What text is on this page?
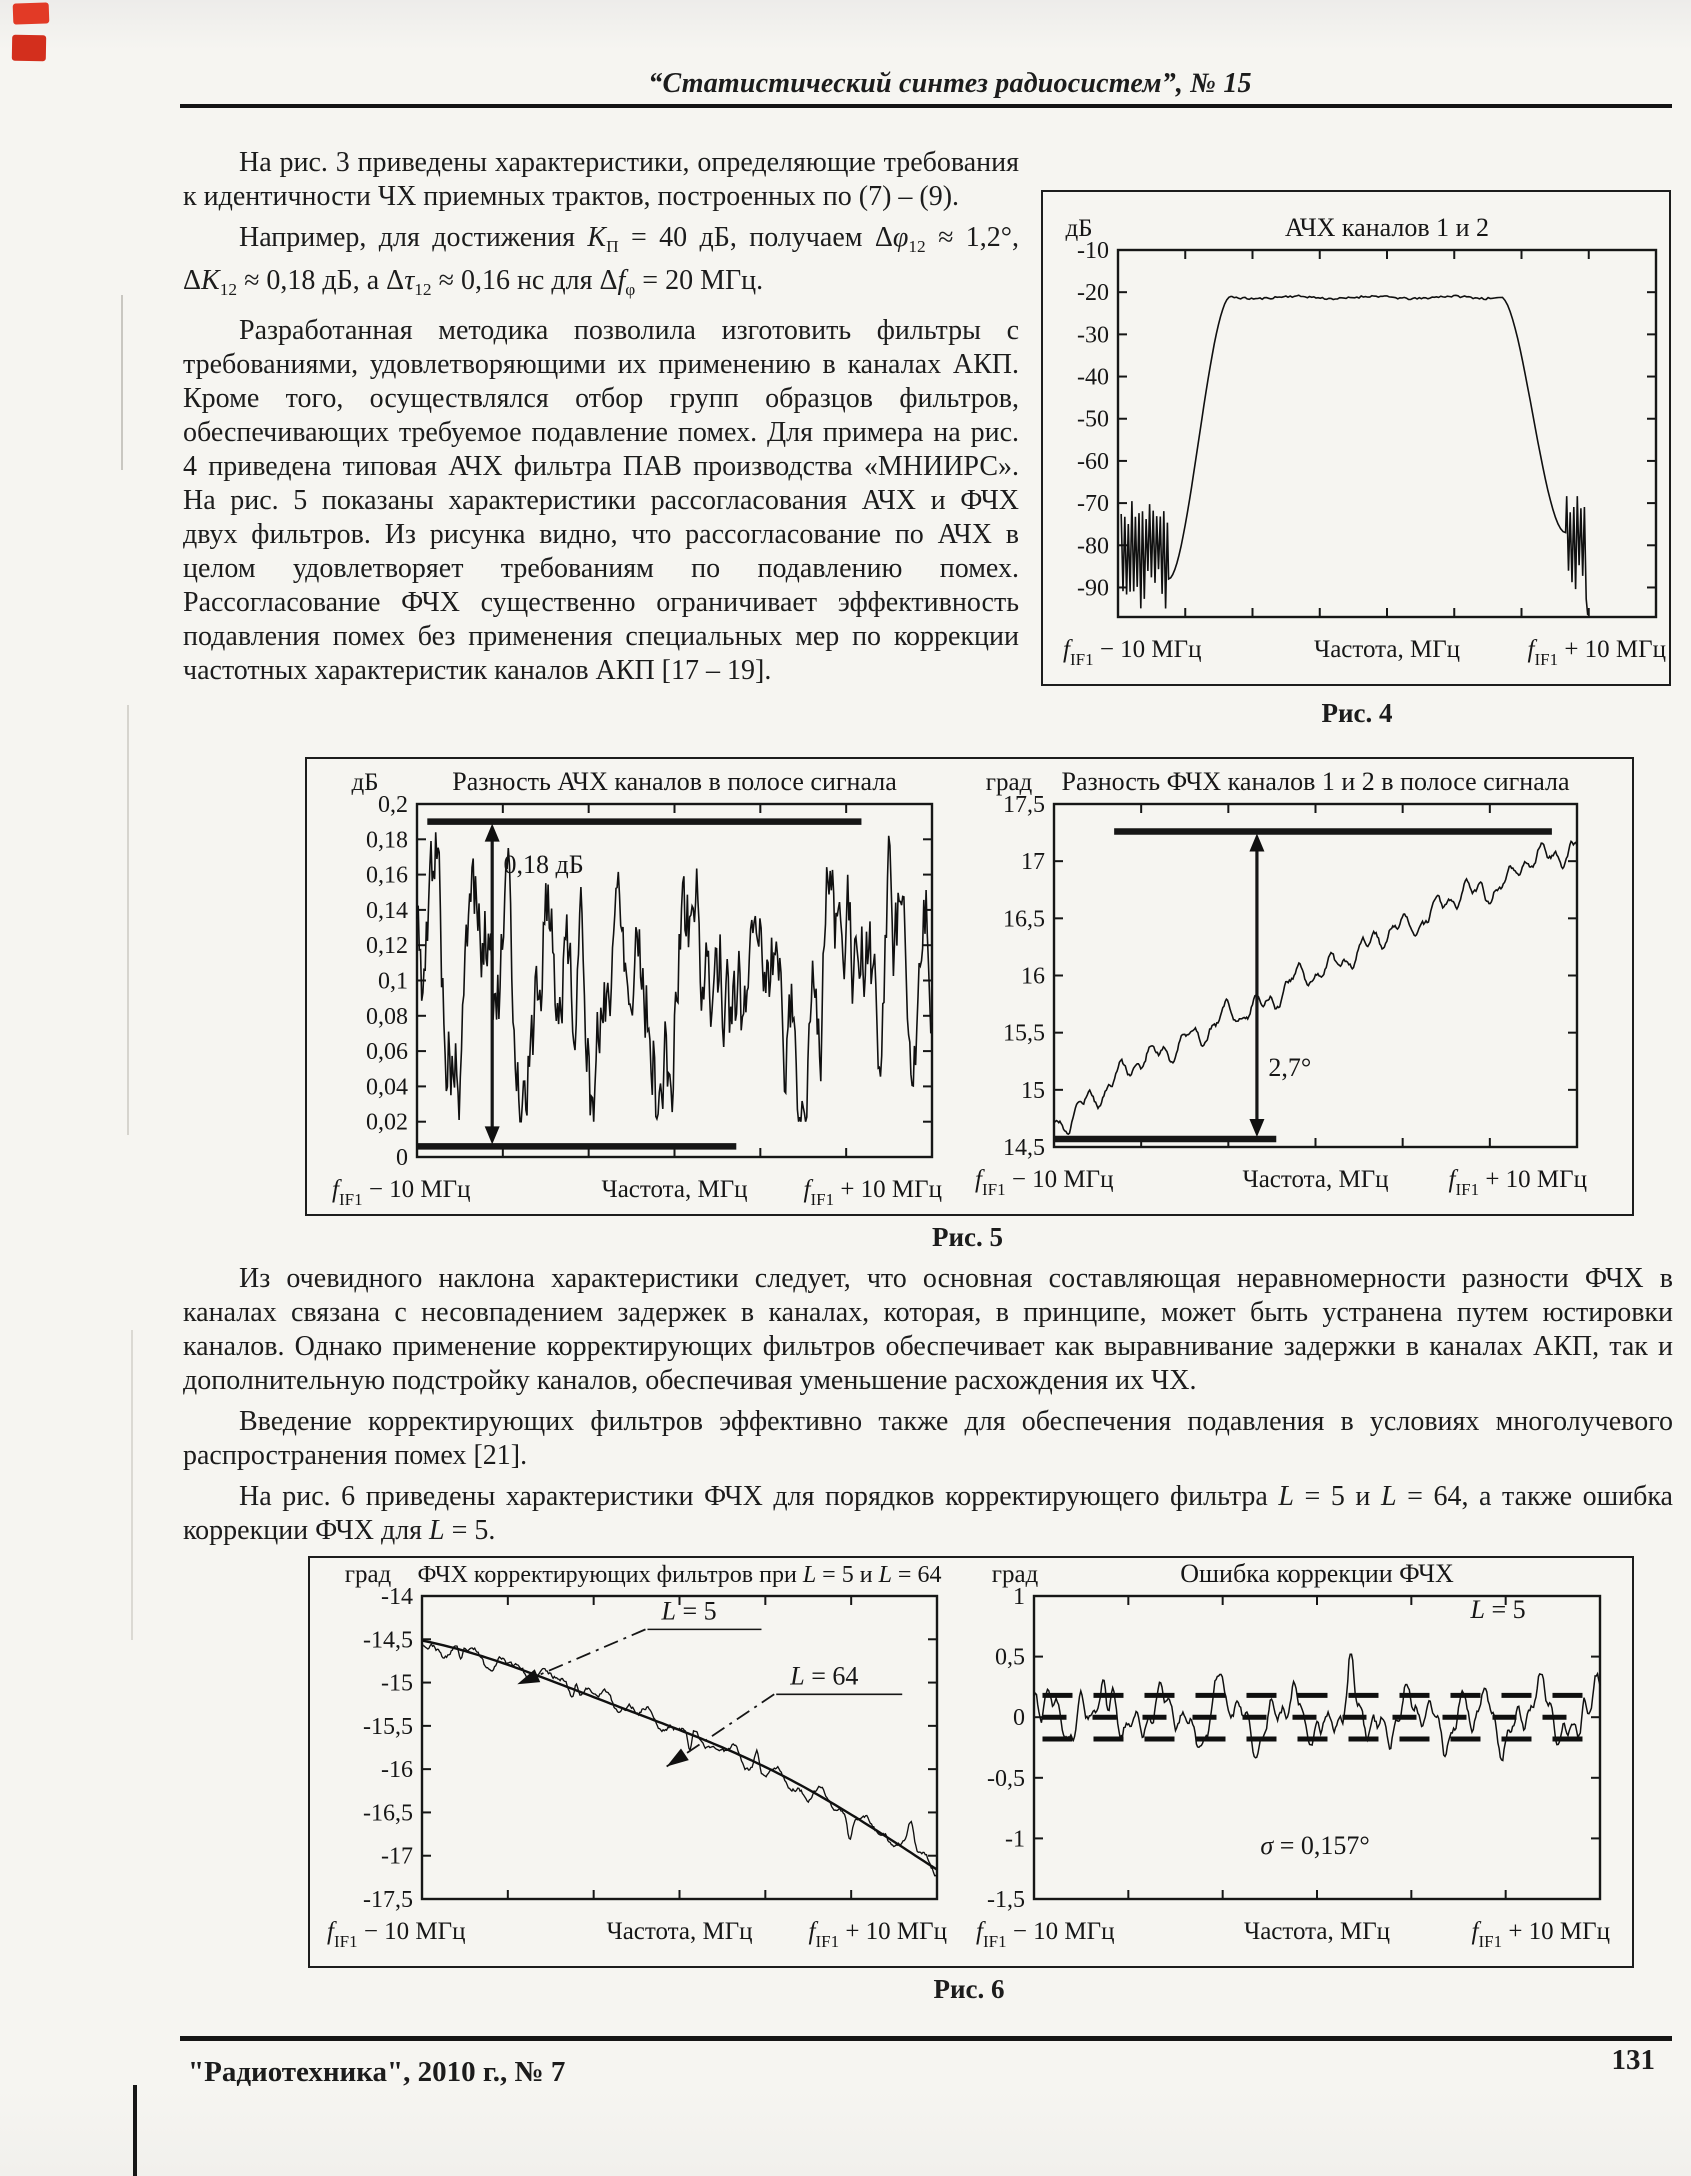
“Статистический синтез радиосистем”, № 15
-10
-20
-30
-40
-50
-60
-70
-80
-90
АЧХ каналов 1 и 2
дБ
$f_{IF1} - 10$ МГц	Частота, МГц	$f_{IF1} + 10$ МГц
Рис. 4

На рис. 3 приведены характеристики, определяющие требования к идентичности ЧХ приемных трактов, построенных по (7) – (9).

Например, для достижения $K_П = 40$ дБ, получаем $\Delta\varphi_{12} \approx 1,2^\circ$, $\Delta K_{12} \approx 0,18$ дБ, а $\Delta\tau_{12} \approx 0,16$ нс для $\Delta f_\varphi = 20$ МГц.

Разработанная методика позволила изготовить фильтры с требованиями, удовлетворяющими их применению в каналах АКП. Кроме того, осуществлялся отбор групп образцов фильтров, обеспечивающих требуемое подавление помех. Для примера на рис. 4 приведена типовая АЧХ фильтра ПАВ производства «МНИИРС». На рис. 5 показаны характеристики рассогласования АЧХ и ФЧХ двух фильтров. Из рисунка видно, что рассогласование по АЧХ в целом удовлетворяет требованиям по подавлению помех. Рассогласование ФЧХ существенно ограничивает эффективность подавления помех без применения специальных мер по коррекции частотных характеристик каналов АКП [17 – 19].

0,2
0,18
0,16
0,14
0,12
0,1
0,08
0,06
0,04
0,02
0
Разность АЧХ каналов в полосе сигнала
дБ
$f_{IF1} - 10$ МГц	Частота, МГц $f_{IF1} + 10$ МГц
0,18 дБ
17,5
17
16,5
16
15,5
15
14,5
Разность ФЧХ каналов 1 и 2 в полосе сигнала
град
$f_{IF1} - 10$ МГц	Частота, МГц $f_{IF1} + 10$ МГц
2,7°
Рис. 5

Из очевидного наклона характеристики следует, что основная составляющая неравномерности разности ФЧХ в каналах связана с несовпадением задержек в каналах, которая, в принципе, может быть устранена путем юстировки каналов. Однако применение корректирующих фильтров обеспечивает как выравнивание задержки в каналах АКП, так и дополнительную подстройку каналов, обеспечивая уменьшение расхождения их ЧХ.

Введение корректирующих фильтров эффективно также для обеспечения подавления в условиях многолучевого распространения помех [21].

На рис. 6 приведены характеристики ФЧХ для порядков корректирующего фильтра L = 5 и L = 64, а также ошибка коррекции ФЧХ для L = 5.

-14
-14,5
-15
-15,5
-16
-16,5
-17
-17,5
ФЧХ корректирующих фильтров при L = 5 и L = 64
град
$f_{IF1} - 10$ МГц	Частота, МГц $f_{IF1} + 10$ МГц
L = 5
L = 64
1
0,5
0
-0,5
-1
-1,5
Ошибка коррекции ФЧХ
град
$f_{IF1} - 10$ МГц	Частота, МГц	$f_{IF1} + 10$ МГц
L = 5
σ = 0,157°
Рис. 6
131
"Радиотехника", 2010 г., № 7
